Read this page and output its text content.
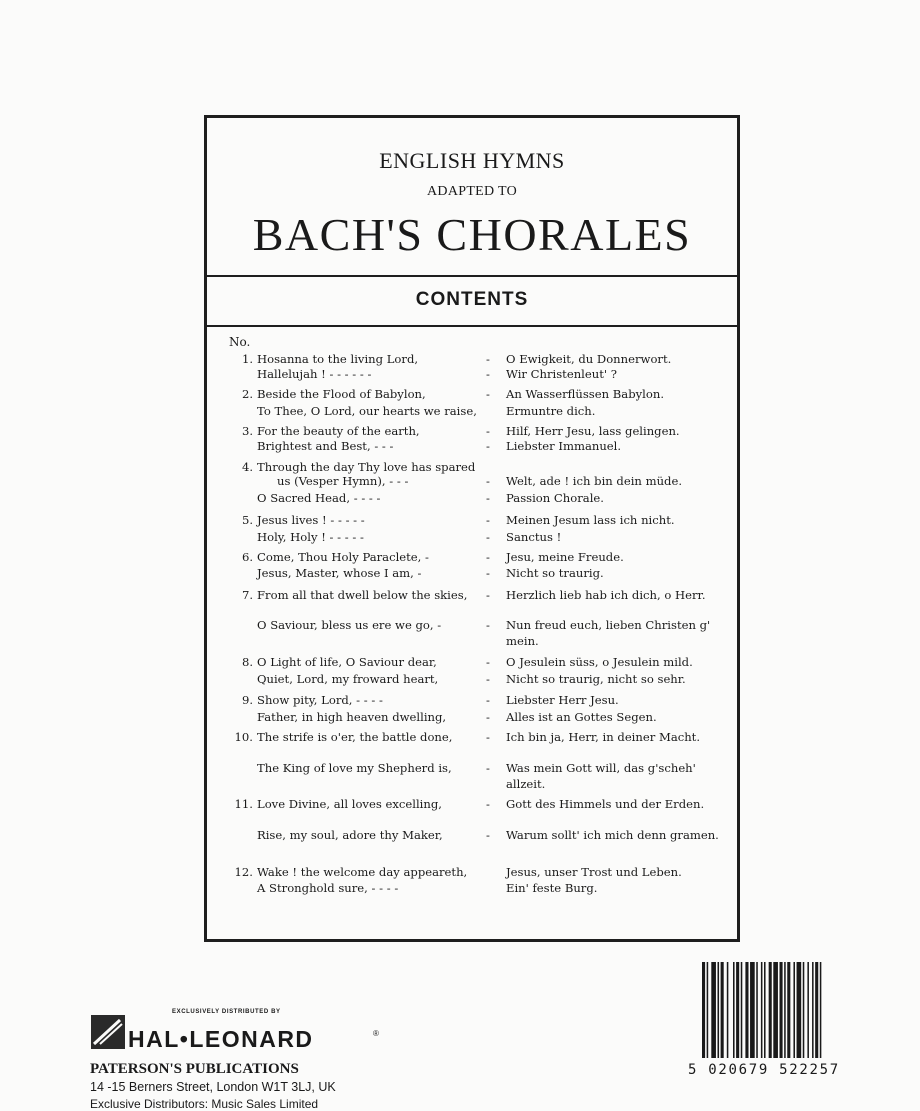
ENGLISH HYMNS
ADAPTED TO
BACH'S CHORALES
CONTENTS
No.
1. Hosanna to the living Lord,	- O Ewigkeit, du Donnerwort.
Hallelujah ! - - - - - -	- Wir Christenleut' ?
2. Beside the Flood of Babylon,	- An Wasserflüssen Babylon.
To Thee, O Lord, our hearts we raise,	Ermuntre dich.
3. For the beauty of the earth,	- Hilf, Herr Jesu, lass gelingen.
Brightest and Best, - - -	- Liebster Immanuel.
4. Through the day Thy love has spared
us (Vesper Hymn), - - -	- Welt, ade ! ich bin dein müde.
O Sacred Head, - - - -	- Passion Chorale.
5. Jesus lives ! - - - - -	- Meinen Jesum lass ich nicht.
Holy, Holy ! - - - - -	- Sanctus !
6. Come, Thou Holy Paraclete, -	- Jesu, meine Freude.
Jesus, Master, whose I am, -	- Nicht so traurig.
7. From all that dwell below the skies, - Herzlich lieb hab ich dich, o Herr.
O Saviour, bless us ere we go, -	- Nun freud euch, lieben Christen g' mein.
8. O Light of life, O Saviour dear,	- O Jesulein süss, o Jesulein mild.
Quiet, Lord, my froward heart,	- Nicht so traurig, nicht so sehr.
9. Show pity, Lord, - - - -	- Liebster Herr Jesu.
Father, in high heaven dwelling,	- Alles ist an Gottes Segen.
10. The strife is o'er, the battle done,	- Ich bin ja, Herr, in deiner Macht.
The King of love my Shepherd is,	- Was mein Gott will, das g'scheh' allzeit.
11. Love Divine, all loves excelling,	- Gott des Himmels und der Erden.
Rise, my soul, adore thy Maker,	- Warum sollt' ich mich denn gramen.
12. Wake ! the welcome day appeareth,	Jesus, unser Trost und Leben.
A Stronghold sure, - - - -	Ein' feste Burg.
EXCLUSIVELY DISTRIBUTED BY
HAL•LEONARD	®
PATERSON'S PUBLICATIONS
14 -15 Berners Street, London W1T 3LJ, UK
Exclusive Distributors: Music Sales Limited
5 020679 522257
